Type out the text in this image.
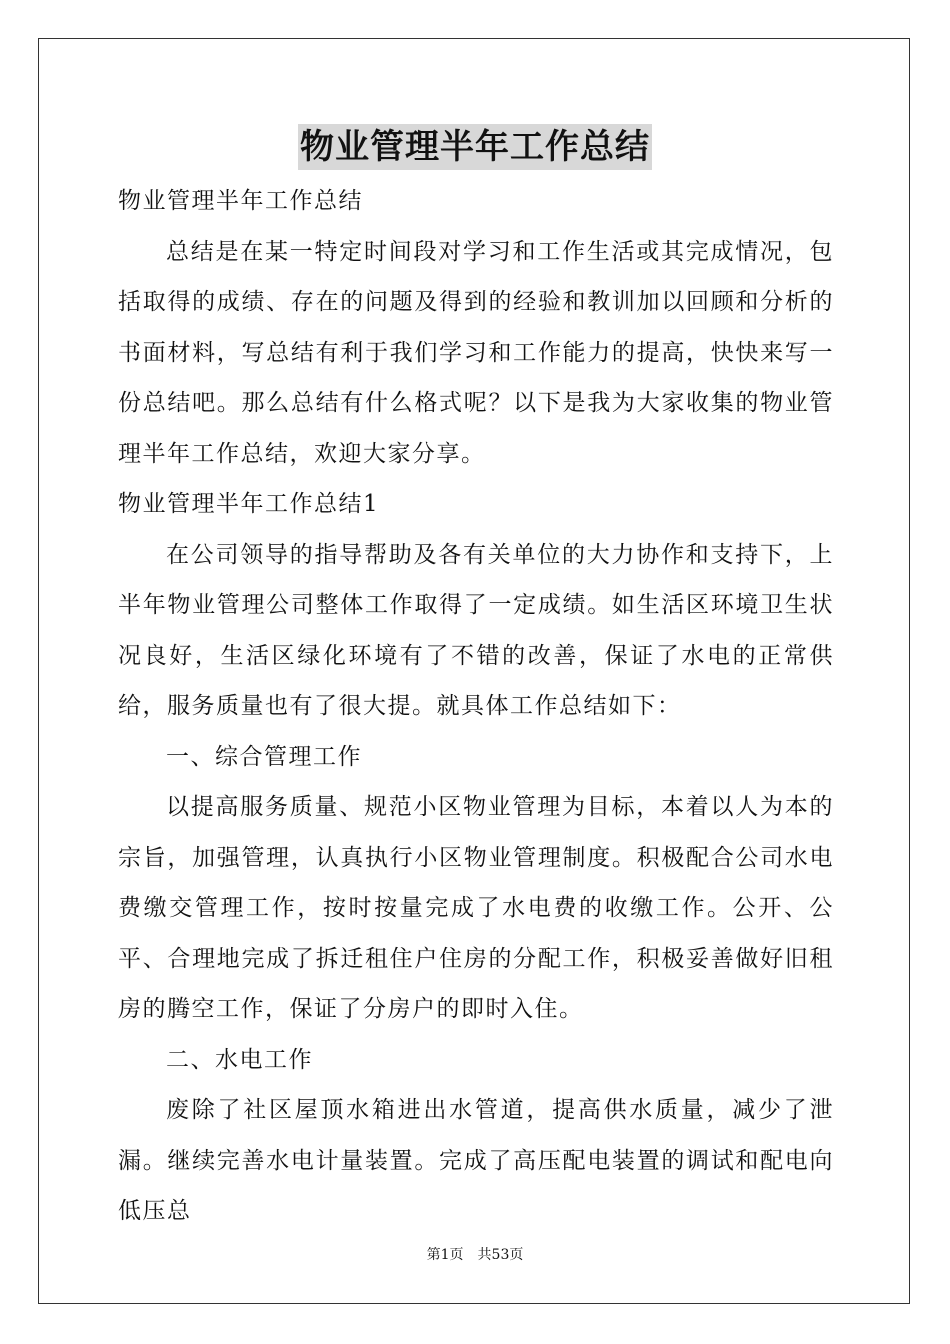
物业管理半年工作总结

物业管理半年工作总结

总结是在某一特定时间段对学习和工作生活或其完成情况，包括取得的成绩、存在的问题及得到的经验和教训加以回顾和分析的书面材料，写总结有利于我们学习和工作能力的提高，快快来写一份总结吧。那么总结有什么格式呢？以下是我为大家收集的物业管理半年工作总结，欢迎大家分享。

物业管理半年工作总结1

在公司领导的指导帮助及各有关单位的大力协作和支持下，上半年物业管理公司整体工作取得了一定成绩。如生活区环境卫生状况良好，生活区绿化环境有了不错的改善，保证了水电的正常供给，服务质量也有了很大提。就具体工作总结如下：

一、综合管理工作

以提高服务质量、规范小区物业管理为目标，本着以人为本的宗旨，加强管理，认真执行小区物业管理制度。积极配合公司水电费缴交管理工作，按时按量完成了水电费的收缴工作。公开、公平、合理地完成了拆迁租住户住房的分配工作，积极妥善做好旧租房的腾空工作，保证了分房户的即时入住。

二、水电工作

废除了社区屋顶水箱进出水管道，提高供水质量，减少了泄漏。继续完善水电计量装置。完成了高压配电装置的调试和配电向低压总

第1页　共53页
